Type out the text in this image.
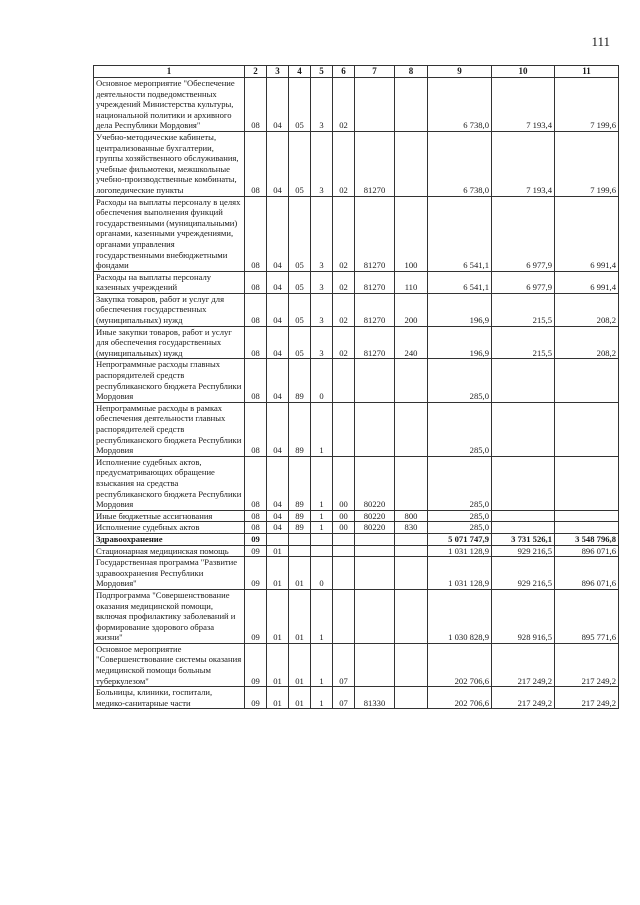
111
1	2	3	4	5	6	7	8	9	10	11
Основное мероприятие "Обеспечение деятельности подведомственных учреждений Министерства культуры, национальной политики и архивного дела Республики Мордовия"	08	04	05	3	02			6 738,0	7 193,4	7 199,6
Учебно-методические кабинеты, централизованные бухгалтерии, группы хозяйственного обслуживания, учебные фильмотеки, межшкольные учебно-производственные комбинаты, логопедические пункты	08	04	05	3	02	81270		6 738,0	7 193,4	7 199,6
Расходы на выплаты персоналу в целях обеспечения выполнения функций государственными (муниципальными) органами, казенными учреждениями, органами управления государственными внебюджетными фондами	08	04	05	3	02	81270	100	6 541,1	6 977,9	6 991,4
Расходы на выплаты персоналу казенных учреждений	08	04	05	3	02	81270	110	6 541,1	6 977,9	6 991,4
Закупка товаров, работ и услуг для обеспечения государственных (муниципальных) нужд	08	04	05	3	02	81270	200	196,9	215,5	208,2
Иные закупки товаров, работ и услуг для обеспечения государственных (муниципальных) нужд	08	04	05	3	02	81270	240	196,9	215,5	208,2
Непрограммные расходы главных распорядителей средств республиканского бюджета Республики Мордовия	08	04	89	0				285,0		
Непрограммные расходы в рамках обеспечения деятельности главных распорядителей средств республиканского бюджета Республики Мордовия	08	04	89	1				285,0		
Исполнение судебных актов, предусматривающих обращение взыскания на средства республиканского бюджета Республики Мордовия	08	04	89	1	00	80220		285,0		
Иные бюджетные ассигнования	08	04	89	1	00	80220	800	285,0		
Исполнение судебных актов	08	04	89	1	00	80220	830	285,0		
Здравоохранение	09							5 071 747,9	3 731 526,1	3 548 796,8
Стационарная медицинская помощь	09	01						1 031 128,9	929 216,5	896 071,6
Государственная программа "Развитие здравоохранения Республики Мордовия"	09	01	01	0				1 031 128,9	929 216,5	896 071,6
Подпрограмма "Совершенствование оказания медицинской помощи, включая профилактику заболеваний и формирование здорового образа жизни"	09	01	01	1				1 030 828,9	928 916,5	895 771,6
Основное мероприятие "Совершенствование системы оказания медицинской помощи больным туберкулезом"	09	01	01	1	07			202 706,6	217 249,2	217 249,2
Больницы, клиники, госпитали, медико-санитарные части	09	01	01	1	07	81330		202 706,6	217 249,2	217 249,2
